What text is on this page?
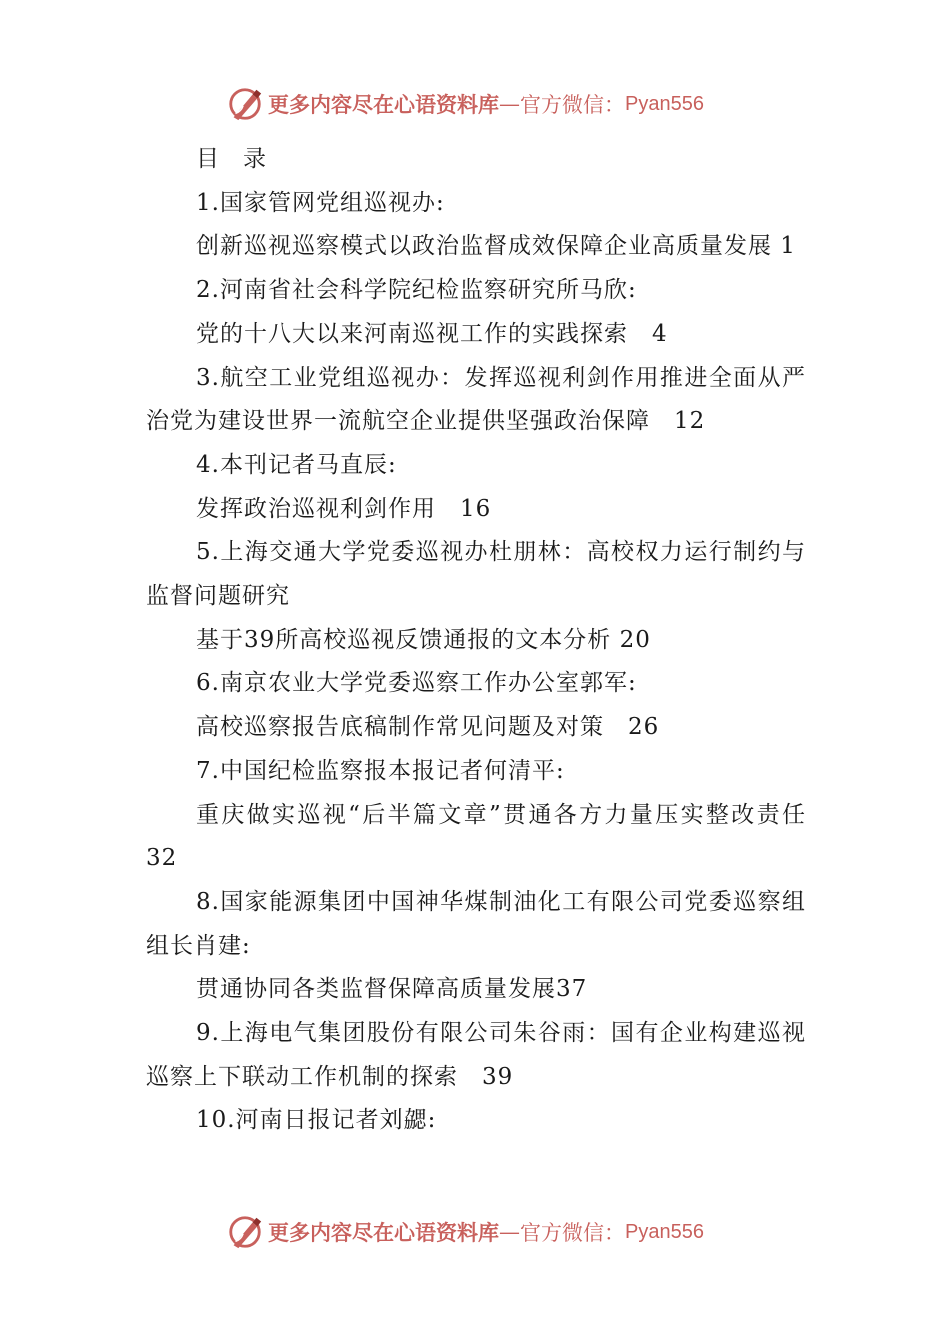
更多内容尽在心语资料库 — 官方微信： Pyan556

目录

1.国家管网党组巡视办:

创新巡视巡察模式以政治监督成效保障企业高质量发展 1

2.河南省社会科学院纪检监察研究所马欣:

党的十八大以来河南巡视工作的实践探索　4

3.航空工业党组巡视办：发挥巡视利剑作用推进全面从严治党为建设世界一流航空企业提供坚强政治保障　12

4.本刊记者马直辰:

发挥政治巡视利剑作用　16

5.上海交通大学党委巡视办杜朋林：高校权力运行制约与监督问题研究

基于39所高校巡视反馈通报的文本分析 20

6.南京农业大学党委巡察工作办公室郭军:

高校巡察报告底稿制作常见问题及对策　26

7.中国纪检监察报本报记者何清平:

重庆做实巡视“后半篇文章”贯通各方力量压实整改责任　32

8.国家能源集团中国神华煤制油化工有限公司党委巡察组组长肖建:

贯通协同各类监督保障高质量发展37

9.上海电气集团股份有限公司朱谷雨：国有企业构建巡视巡察上下联动工作机制的探索　39

10.河南日报记者刘勰:

更多内容尽在心语资料库 — 官方微信： Pyan556
